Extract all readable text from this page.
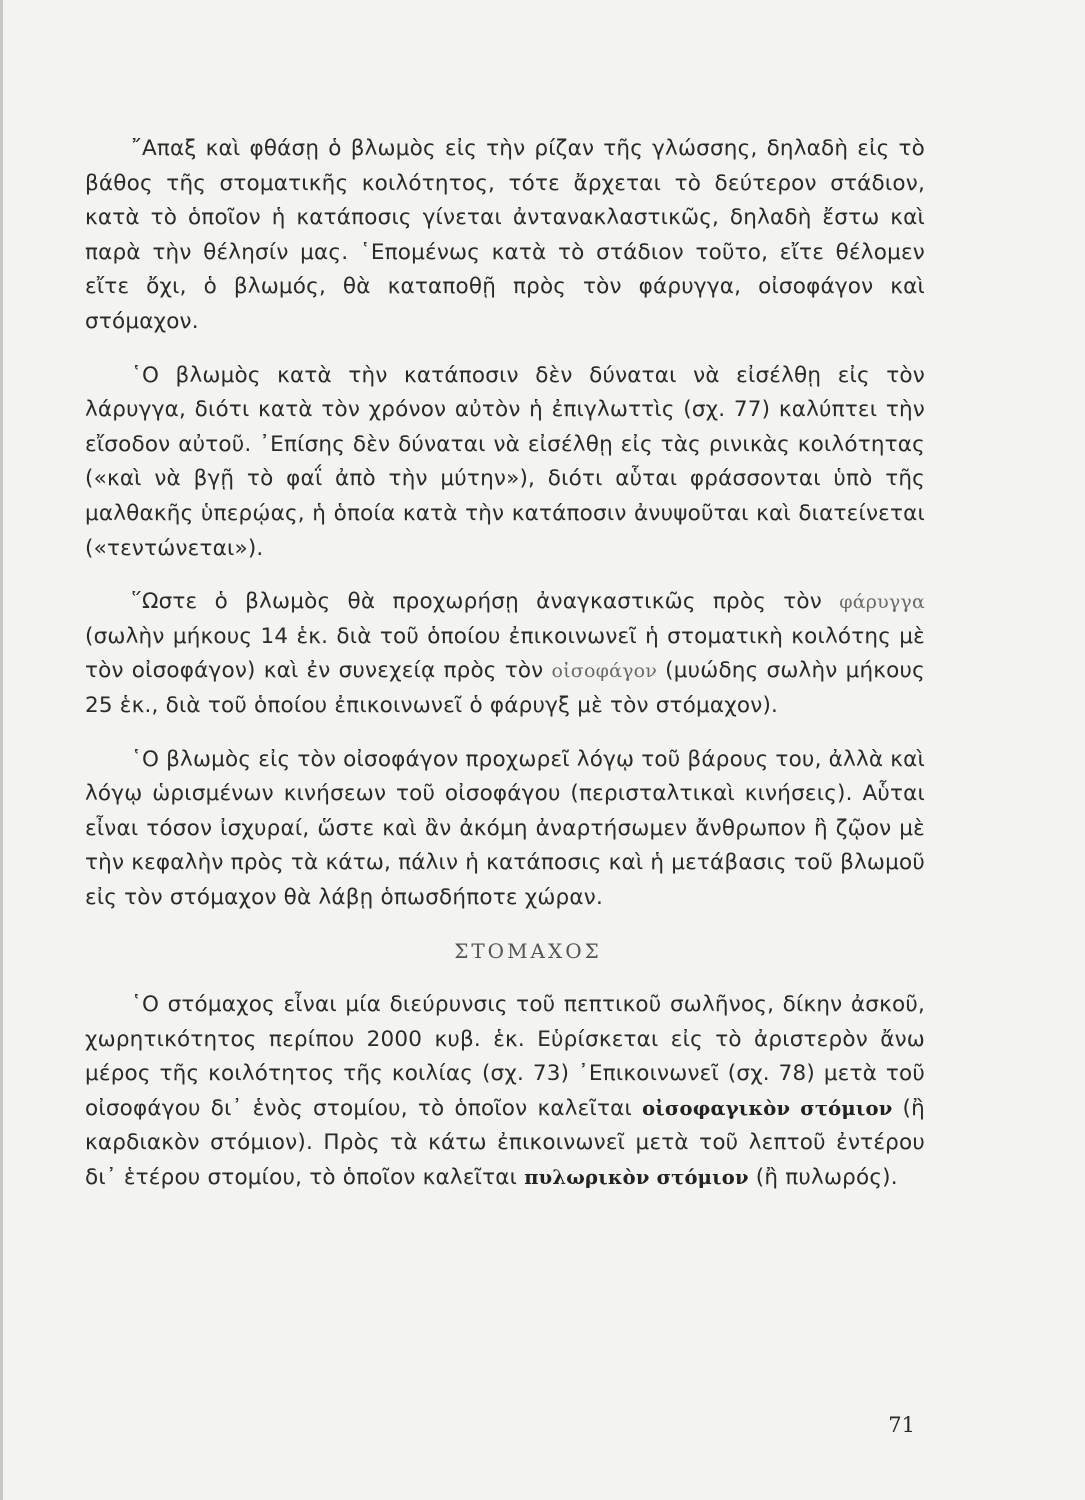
῎Απαξ καὶ φθάσῃ ὁ βλωμὸς εἰς τὴν ρίζαν τῆς γλώσσης, δηλαδὴ εἰς τὸ βάθος τῆς στοματικῆς κοιλότητος, τότε ἄρχεται τὸ δεύτερον στάδιον, κατὰ τὸ ὁποῖον ἡ κατάποσις γίνεται ἀντανακλαστικῶς, δηλαδὴ ἔστω καὶ παρὰ τὴν θέλησίν μας. ῾Επομένως κατὰ τὸ στάδιον τοῦτο, εἴτε θέλομεν εἴτε ὄχι, ὁ βλωμός, θὰ καταποθῇ πρὸς τὸν φάρυγγα, οἰσοφάγον καὶ στόμαχον.

῾Ο βλωμὸς κατὰ τὴν κατάποσιν δὲν δύναται νὰ εἰσέλθῃ εἰς τὸν λάρυγγα, διότι κατὰ τὸν χρόνον αὐτὸν ἡ ἐπιγλωττὶς (σχ. 77) καλύπτει τὴν εἴσοδον αὐτοῦ. ᾽Επίσης δὲν δύναται νὰ εἰσέλθῃ εἰς τὰς ρινικὰς κοιλότητας («καὶ νὰ βγῇ τὸ φαΐ ἀπὸ τὴν μύτην»), διότι αὗται φράσσονται ὑπὸ τῆς μαλθακῆς ὑπερῴας, ἡ ὁποία κατὰ τὴν κατάποσιν ἀνυψοῦται καὶ διατείνεται («τεντώνεται»).

῞Ωστε ὁ βλωμὸς θὰ προχωρήσῃ ἀναγκαστικῶς πρὸς τὸν φάρυγγα (σωλὴν μήκους 14 ἑκ. διὰ τοῦ ὁποίου ἐπικοινωνεῖ ἡ στοματικὴ κοιλότης μὲ τὸν οἰσοφάγον) καὶ ἐν συνεχείᾳ πρὸς τὸν οἰσοφάγον (μυώδης σωλὴν μήκους 25 ἑκ., διὰ τοῦ ὁποίου ἐπικοινωνεῖ ὁ φάρυγξ μὲ τὸν στόμαχον).

῾Ο βλωμὸς εἰς τὸν οἰσοφάγον προχωρεῖ λόγῳ τοῦ βάρους του, ἀλλὰ καὶ λόγῳ ὡρισμένων κινήσεων τοῦ οἰσοφάγου (περισταλτικαὶ κινήσεις). Αὗται εἶναι τόσον ἰσχυραί, ὥστε καὶ ἂν ἀκόμη ἀναρτήσωμεν ἄνθρωπον ἢ ζῷον μὲ τὴν κεφαλὴν πρὸς τὰ κάτω, πάλιν ἡ κατάποσις καὶ ἡ μετάβασις τοῦ βλωμοῦ εἰς τὸν στόμαχον θὰ λάβῃ ὁπωσδήποτε χώραν.

ΣΤΟΜΑΧΟΣ

῾Ο στόμαχος εἶναι μία διεύρυνσις τοῦ πεπτικοῦ σωλῆνος, δίκην ἀσκοῦ, χωρητικότητος περίπου 2000 κυβ. ἑκ. Εὑρίσκεται εἰς τὸ ἀριστερὸν ἄνω μέρος τῆς κοιλότητος τῆς κοιλίας (σχ. 73) ᾽Επικοινωνεῖ (σχ. 78) μετὰ τοῦ οἰσοφάγου δι᾽ ἑνὸς στομίου, τὸ ὁποῖον καλεῖται οἰσοφαγικὸν στόμιον (ἢ καρδιακὸν στόμιον). Πρὸς τὰ κάτω ἐπικοινωνεῖ μετὰ τοῦ λεπτοῦ ἐντέρου δι᾽ ἑτέρου στομίου, τὸ ὁποῖον καλεῖται πυλωρικὸν στόμιον (ἢ πυλωρός).

71
